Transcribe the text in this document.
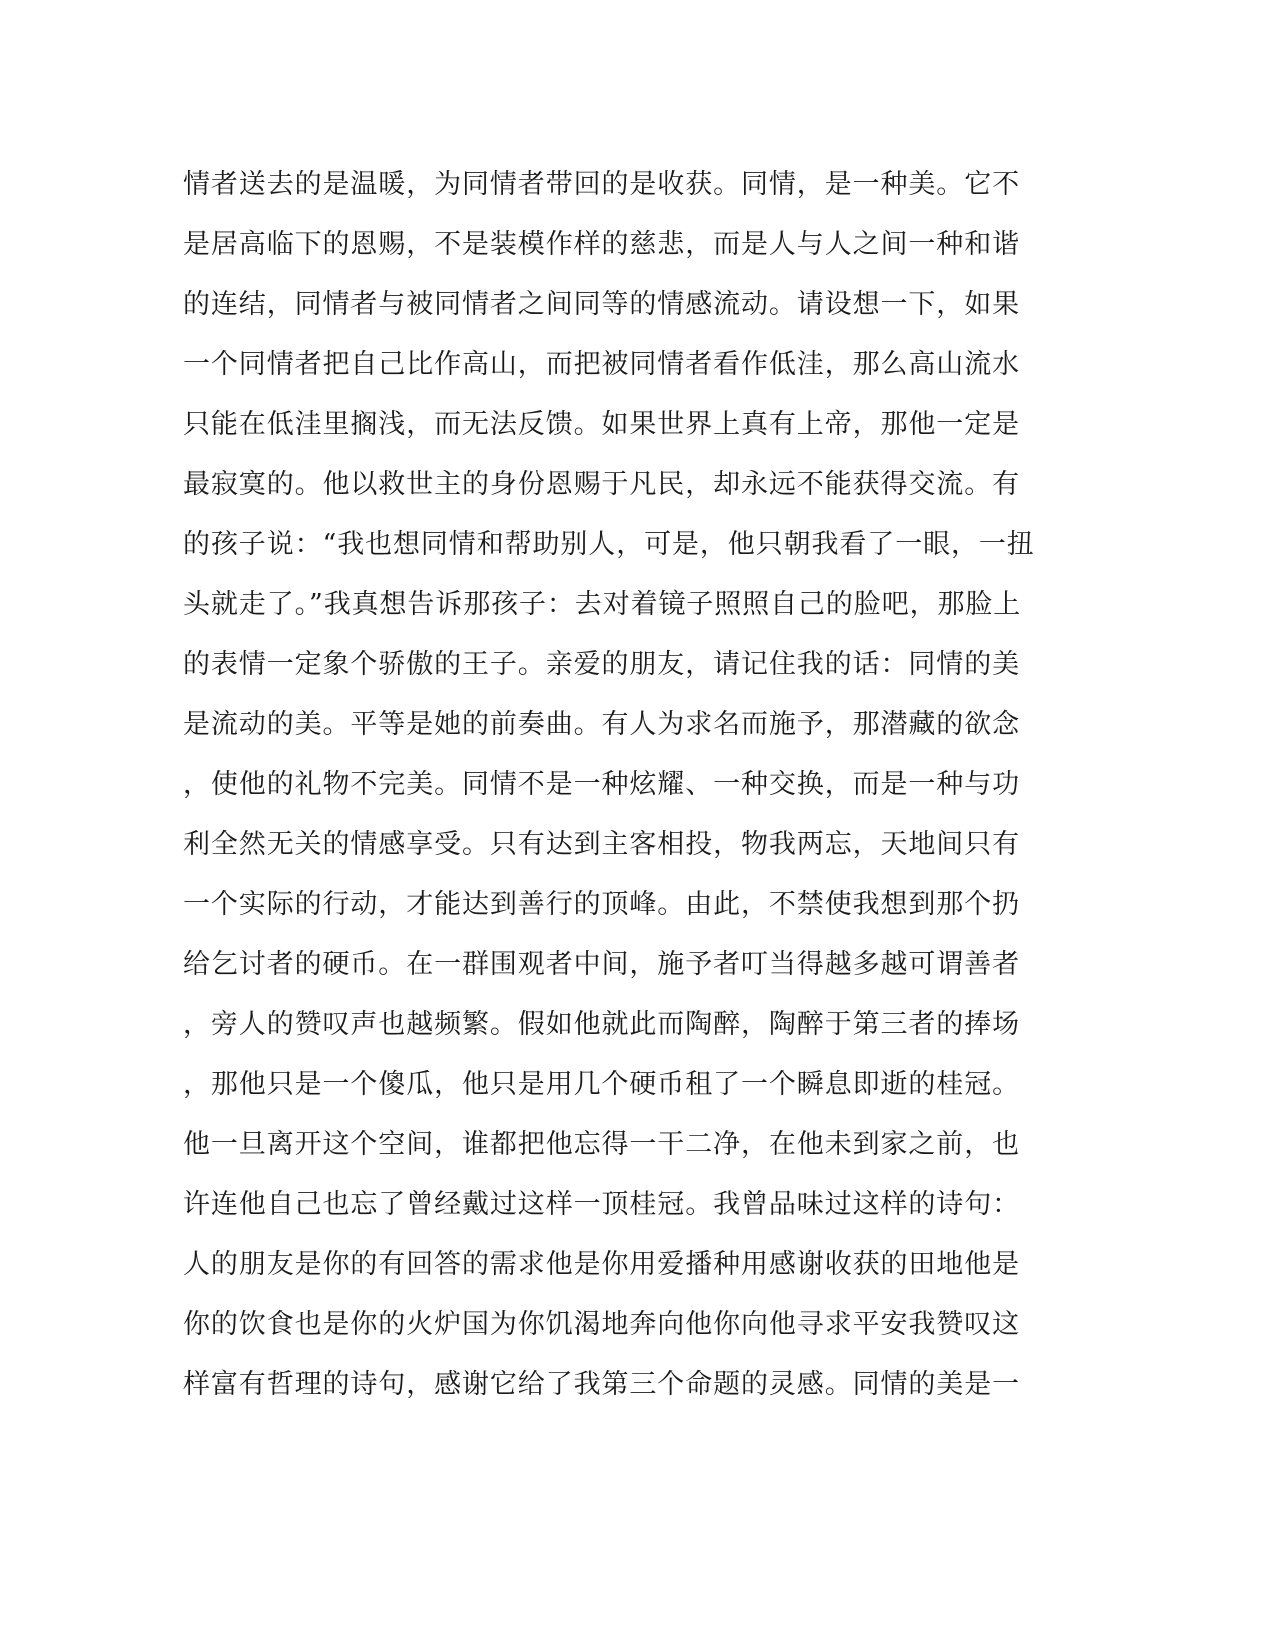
情者送去的是温暖，为同情者带回的是收获。同情，是一种美。它不
是居高临下的恩赐，不是装模作样的慈悲，而是人与人之间一种和谐
的连结，同情者与被同情者之间同等的情感流动。请设想一下，如果
一个同情者把自己比作高山，而把被同情者看作低洼，那么高山流水
只能在低洼里搁浅，而无法反馈。如果世界上真有上帝，那他一定是
最寂寞的。他以救世主的身份恩赐于凡民，却永远不能获得交流。有
的孩子说：“我也想同情和帮助别人，可是，他只朝我看了一眼，一扭
头就走了。”我真想告诉那孩子：去对着镜子照照自己的脸吧，那脸上
的表情一定象个骄傲的王子。亲爱的朋友，请记住我的话：同情的美
是流动的美。平等是她的前奏曲。有人为求名而施予，那潜藏的欲念
，使他的礼物不完美。同情不是一种炫耀、一种交换，而是一种与功
利全然无关的情感享受。只有达到主客相投，物我两忘，天地间只有
一个实际的行动，才能达到善行的顶峰。由此，不禁使我想到那个扔
给乞讨者的硬币。在一群围观者中间，施予者叮当得越多越可谓善者
，旁人的赞叹声也越频繁。假如他就此而陶醉，陶醉于第三者的捧场
，那他只是一个傻瓜，他只是用几个硬币租了一个瞬息即逝的桂冠。
他一旦离开这个空间，谁都把他忘得一干二净，在他未到家之前，也
许连他自己也忘了曾经戴过这样一顶桂冠。我曾品味过这样的诗句：
人的朋友是你的有回答的需求他是你用爱播种用感谢收获的田地他是
你的饮食也是你的火炉国为你饥渴地奔向他你向他寻求平安我赞叹这
样富有哲理的诗句，感谢它给了我第三个命题的灵感。同情的美是一
